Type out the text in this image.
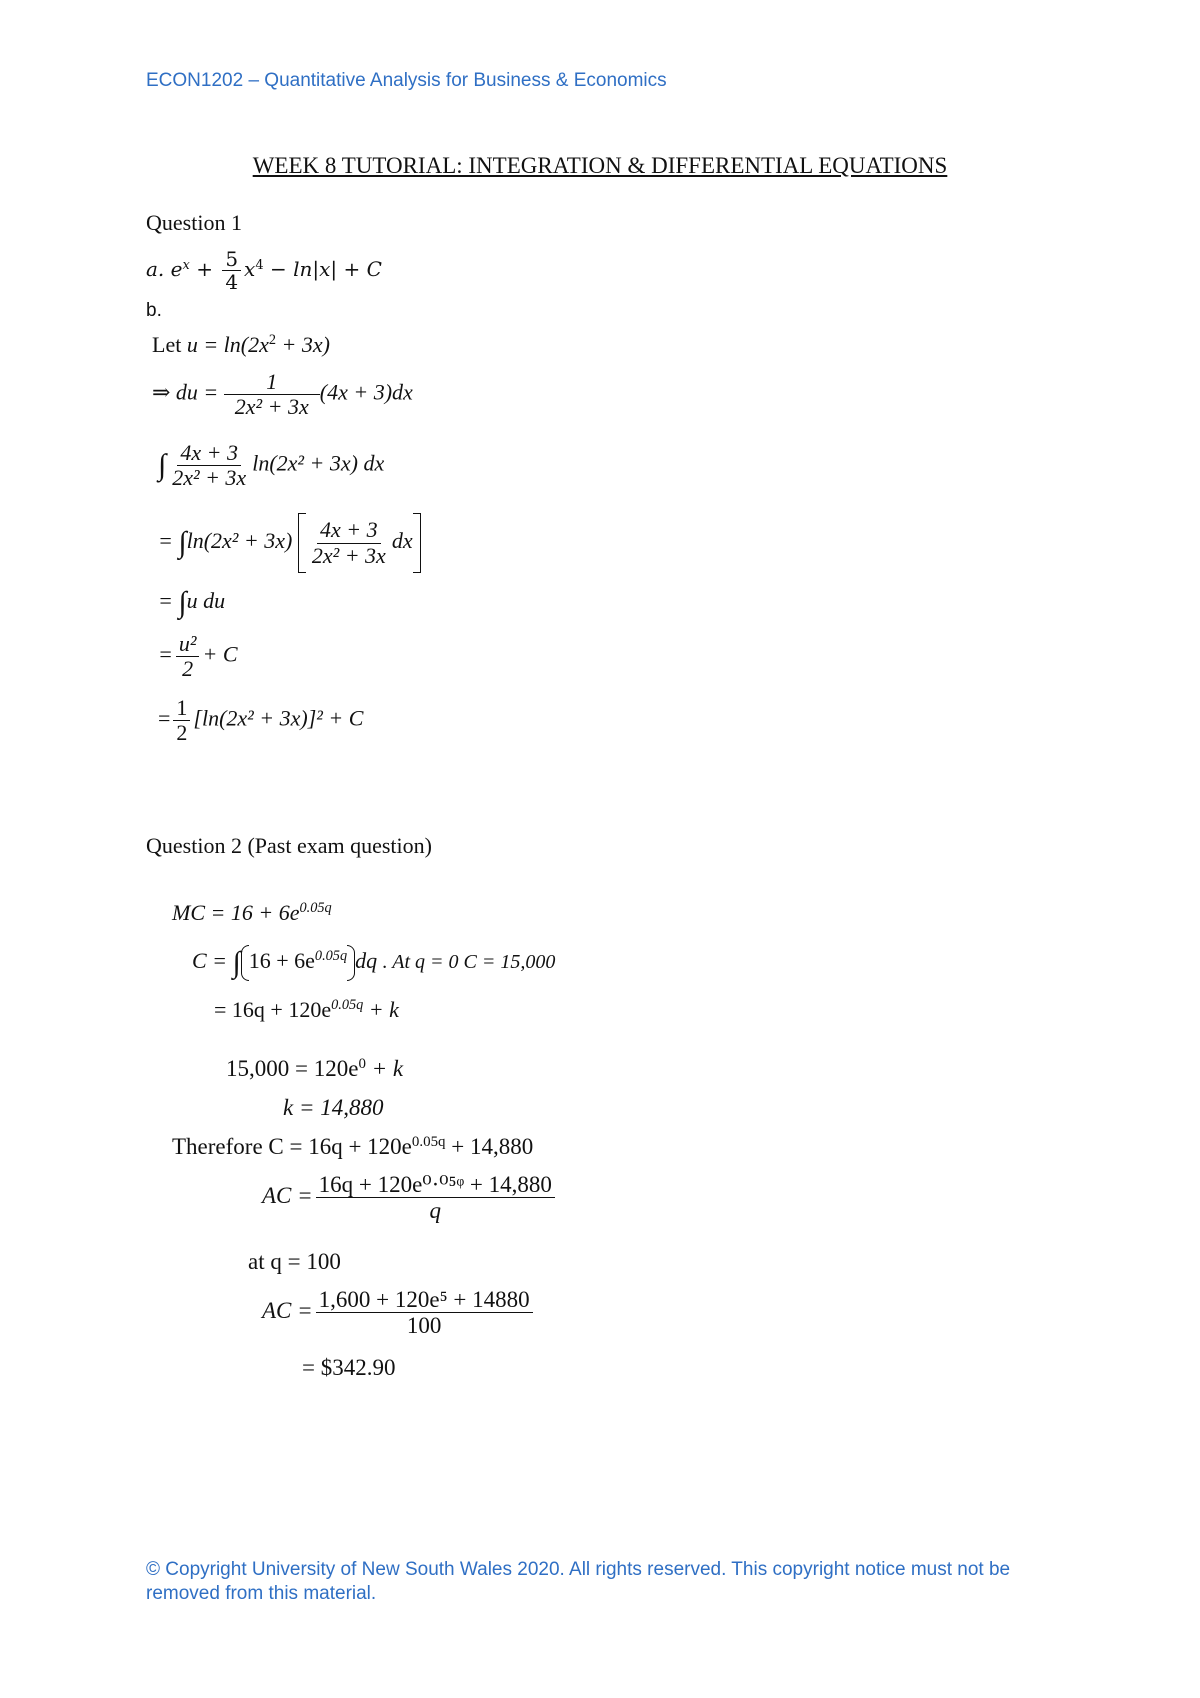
ECON1202 – Quantitative Analysis for Business & Economics
WEEK 8 TUTORIAL: INTEGRATION & DIFFERENTIAL EQUATIONS
Question 1
a. $e^x + \frac{5}{4} x^4 - \ln|x| + C$
b.
Let $u = \ln(2x^2 + 3x)$
⇒ du = $\frac{1}{\text{2x² + 3x}} (4x + 3)dx$
∫ $\frac{4x + 3}{\text{2x² + 3x}} \ln(2x^2 + 3x)$ dx
= $\int\ln(2x^2 + 3x) \frac{4x + 3}{\text{2x² + 3x}}$ dx
= ∫u du
= $\frac{\text{u²}}{2} + C$
= $\frac{1}{2} [\ln(2x^2 + 3x)]^2 + C$
Question 2 (Past exam question)
MC = $16 + 6e^{0.05q}$
C = ∫ $16 + 6e^{0.05q}$ dq . At q = 0 C = 15,000
= $16q + 120e^{0.05q} + k$
$15,000 = 120e^0 + k$
k = 14,880
Therefore $C = 16q + 120e^{0.05q} + 14,880$
AC = $\frac{\text{16q + 120e⁰·⁰⁵ᵠ + 14,880}}{q}$
at q = 100
AC = $\frac{\text{1,600 + 120e⁵ + 14880}}{100}$
= $342.90
© Copyright University of New South Wales 2020. All rights reserved. This copyright notice must not be removed from this material.
